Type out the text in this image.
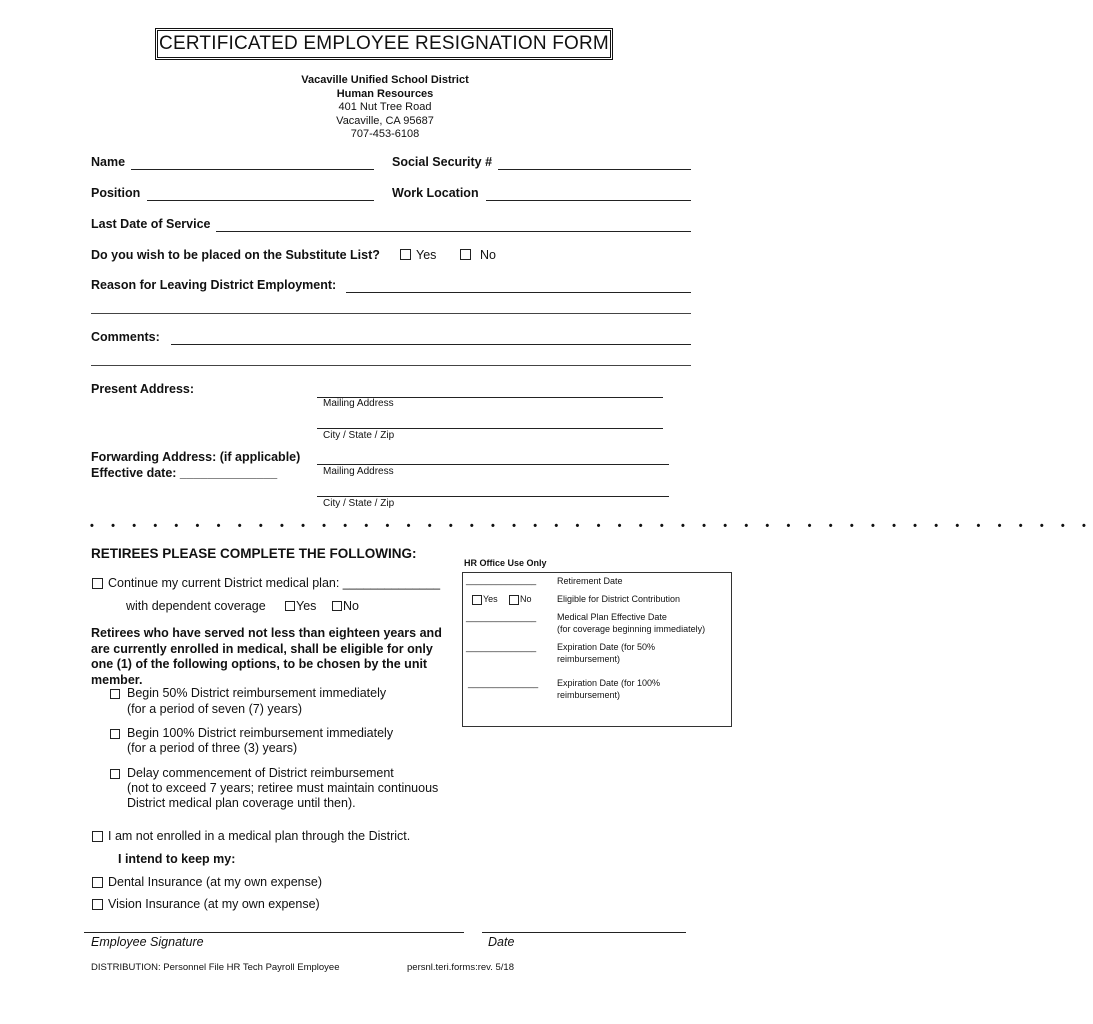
CERTIFICATED EMPLOYEE RESIGNATION FORM
Vacaville Unified School District
Human Resources
401 Nut Tree Road
Vacaville, CA 95687
707-453-6108
Name	Social Security #
Position	Work Location
Last Date of Service
Do you wish to be placed on the Substitute List?	Yes	No
Reason for Leaving District Employment:
Comments:
Present Address:
Mailing Address
City / State / Zip
Forwarding Address: (if applicable)
Effective date: ______________	Mailing Address
City / State / Zip
• • • • • • • • • • • • • • • • • • • • • • • • • • • • • • • • • • • • • • • • • • • • • • • •
RETIREES PLEASE COMPLETE THE FOLLOWING:
Continue my current District medical plan: ______________
with dependent coverage Yes No
Retirees who have served not less than eighteen years and
are currently enrolled in medical, shall be eligible for only
one (1) of the following options, to be chosen by the unit
member.
Begin 50% District reimbursement immediately
(for a period of seven (7) years)
Begin 100% District reimbursement immediately
(for a period of three (3) years)
Delay commencement of District reimbursement
(not to exceed 7 years; retiree must maintain continuous
District medical plan coverage until then).
I am not enrolled in a medical plan through the District.
I intend to keep my:
Dental Insurance (at my own expense)
Vision Insurance (at my own expense)
HR Office Use Only
______________ Retirement Date
Yes No	Eligible for District Contribution
______________ Medical Plan Effective Date
(for coverage beginning immediately)
______________ Expiration Date (for 50%
reimbursement)
______________ Expiration Date (for 100%
reimbursement)
Employee Signature	Date
DISTRIBUTION: Personnel File HR Tech Payroll Employee	persnl.teri.forms:rev. 5/18
